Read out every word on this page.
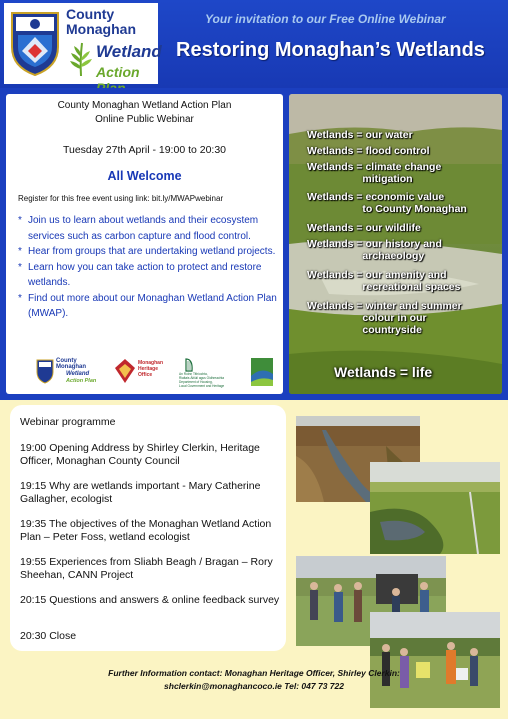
County
Monaghan
Wetland
Action
Your invitation to our Free Online Webinar
Restoring Monaghan’s Wetlands
County Monaghan Wetland Action Plan
Online Public Webinar
Tuesday 27th April - 19:00 to 20:30
All Welcome
Register for this free event using link: bit.ly/MWAPwebinar
* Join us to learn about wetlands and their ecosystem services such as carbon capture and flood control.
* Hear from groups that are undertaking wetland projects.
* Learn how you can take action to protect and restore wetlands.
* Find out more about our Monaghan Wetland Action Plan (MWAP).
County
Monaghan
Wetland
Action Plan
Monaghan
Heritage
Office	An Roinn Tithíochta,
Rialtais Áitiúil agus Oidhreachta
Department of Housing,
Local Government and Heritage
Wetlands = our water
Wetlands = flood control
Wetlands = climate change
mitigation
Wetlands = economic value
to County Monaghan
Wetlands = our wildlife
Wetlands = our history and
archaeology
Wetlands = our amenity and
recreational spaces
Wetlands = winter and summer
colour in our
countryside
Wetlands = life
Webinar programme
19:00 Opening Address by Shirley Clerkin, Heritage Officer, Monaghan County Council
19:15 Why are wetlands important - Mary Catherine Gallagher, ecologist
19:35 The objectives of the Monaghan Wetland Action Plan – Peter Foss, wetland ecologist
19:55 Experiences from Sliabh Beagh / Bragan – Rory Sheehan, CANN Project
20:15 Questions and answers & online feedback survey
20:30 Close
Further Information contact: Monaghan Heritage Officer, Shirley Clerkin:
shclerkin@monaghancoco.ie Tel: 047 73 722
